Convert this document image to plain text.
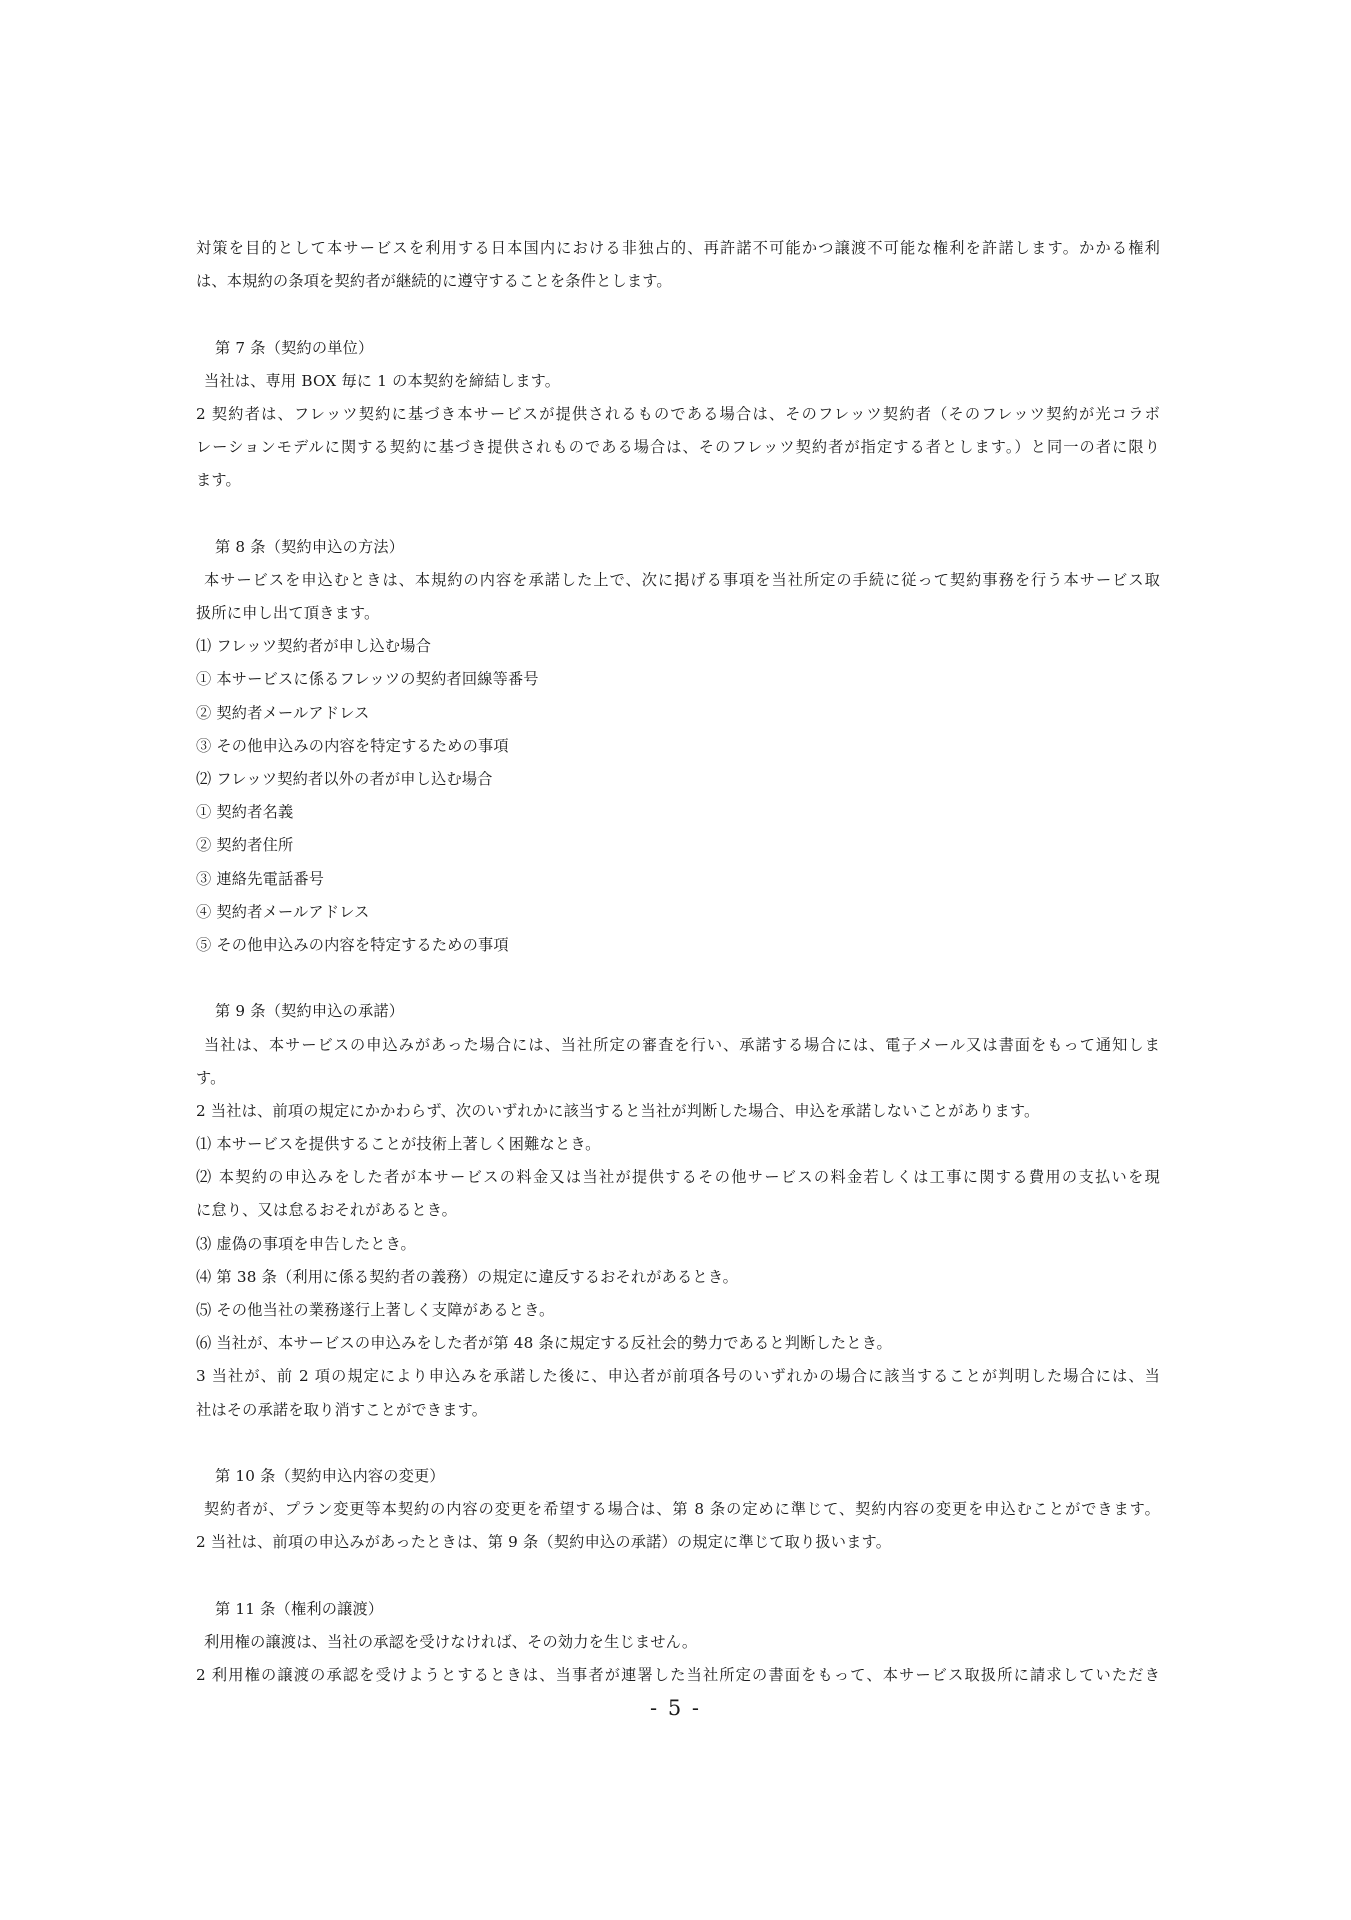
対策を目的として本サービスを利用する日本国内における非独占的、再許諾不可能かつ譲渡不可能な権利を許諾します。かかる権利
は、本規約の条項を契約者が継続的に遵守することを条件とします。
第 7 条（契約の単位）
当社は、専用 BOX 毎に 1 の本契約を締結します。
2 契約者は、フレッツ契約に基づき本サービスが提供されるものである場合は、そのフレッツ契約者（そのフレッツ契約が光コラボ
レーションモデルに関する契約に基づき提供されものである場合は、そのフレッツ契約者が指定する者とします。）と同一の者に限り
ます。
第 8 条（契約申込の方法）
本サービスを申込むときは、本規約の内容を承諾した上で、次に掲げる事項を当社所定の手続に従って契約事務を行う本サービス取
扱所に申し出て頂きます。
⑴ フレッツ契約者が申し込む場合
① 本サービスに係るフレッツの契約者回線等番号
② 契約者メールアドレス
③ その他申込みの内容を特定するための事項
⑵ フレッツ契約者以外の者が申し込む場合
① 契約者名義
② 契約者住所
③ 連絡先電話番号
④ 契約者メールアドレス
⑤ その他申込みの内容を特定するための事項
第 9 条（契約申込の承諾）
当社は、本サービスの申込みがあった場合には、当社所定の審査を行い、承諾する場合には、電子メール又は書面をもって通知しま
す。
2 当社は、前項の規定にかかわらず、次のいずれかに該当すると当社が判断した場合、申込を承諾しないことがあります。
⑴ 本サービスを提供することが技術上著しく困難なとき。
⑵ 本契約の申込みをした者が本サービスの料金又は当社が提供するその他サービスの料金若しくは工事に関する費用の支払いを現
に怠り、又は怠るおそれがあるとき。
⑶ 虚偽の事項を申告したとき。
⑷ 第 38 条（利用に係る契約者の義務）の規定に違反するおそれがあるとき。
⑸ その他当社の業務遂行上著しく支障があるとき。
⑹ 当社が、本サービスの申込みをした者が第 48 条に規定する反社会的勢力であると判断したとき。
3 当社が、前 2 項の規定により申込みを承諾した後に、申込者が前項各号のいずれかの場合に該当することが判明した場合には、当
社はその承諾を取り消すことができます。
第 10 条（契約申込内容の変更）
契約者が、プラン変更等本契約の内容の変更を希望する場合は、第 8 条の定めに準じて、契約内容の変更を申込むことができます。
2 当社は、前項の申込みがあったときは、第 9 条（契約申込の承諾）の規定に準じて取り扱います。
第 11 条（権利の譲渡）
利用権の譲渡は、当社の承認を受けなければ、その効力を生じません。
2 利用権の譲渡の承認を受けようとするときは、当事者が連署した当社所定の書面をもって、本サービス取扱所に請求していただき
- 5 -
